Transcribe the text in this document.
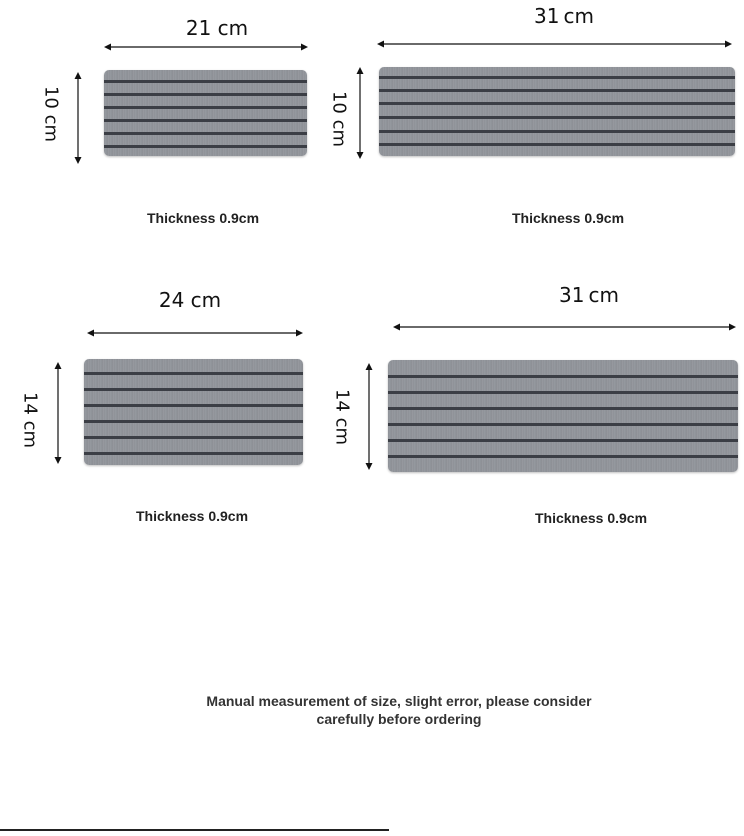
21 cm
10 cm
Thickness 0.9cm
31 cm
10 cm
Thickness 0.9cm
24 cm
14 cm
Thickness 0.9cm
31 cm
14 cm
Thickness 0.9cm
Manual measurement of size, slight error, please consider
carefully before ordering
